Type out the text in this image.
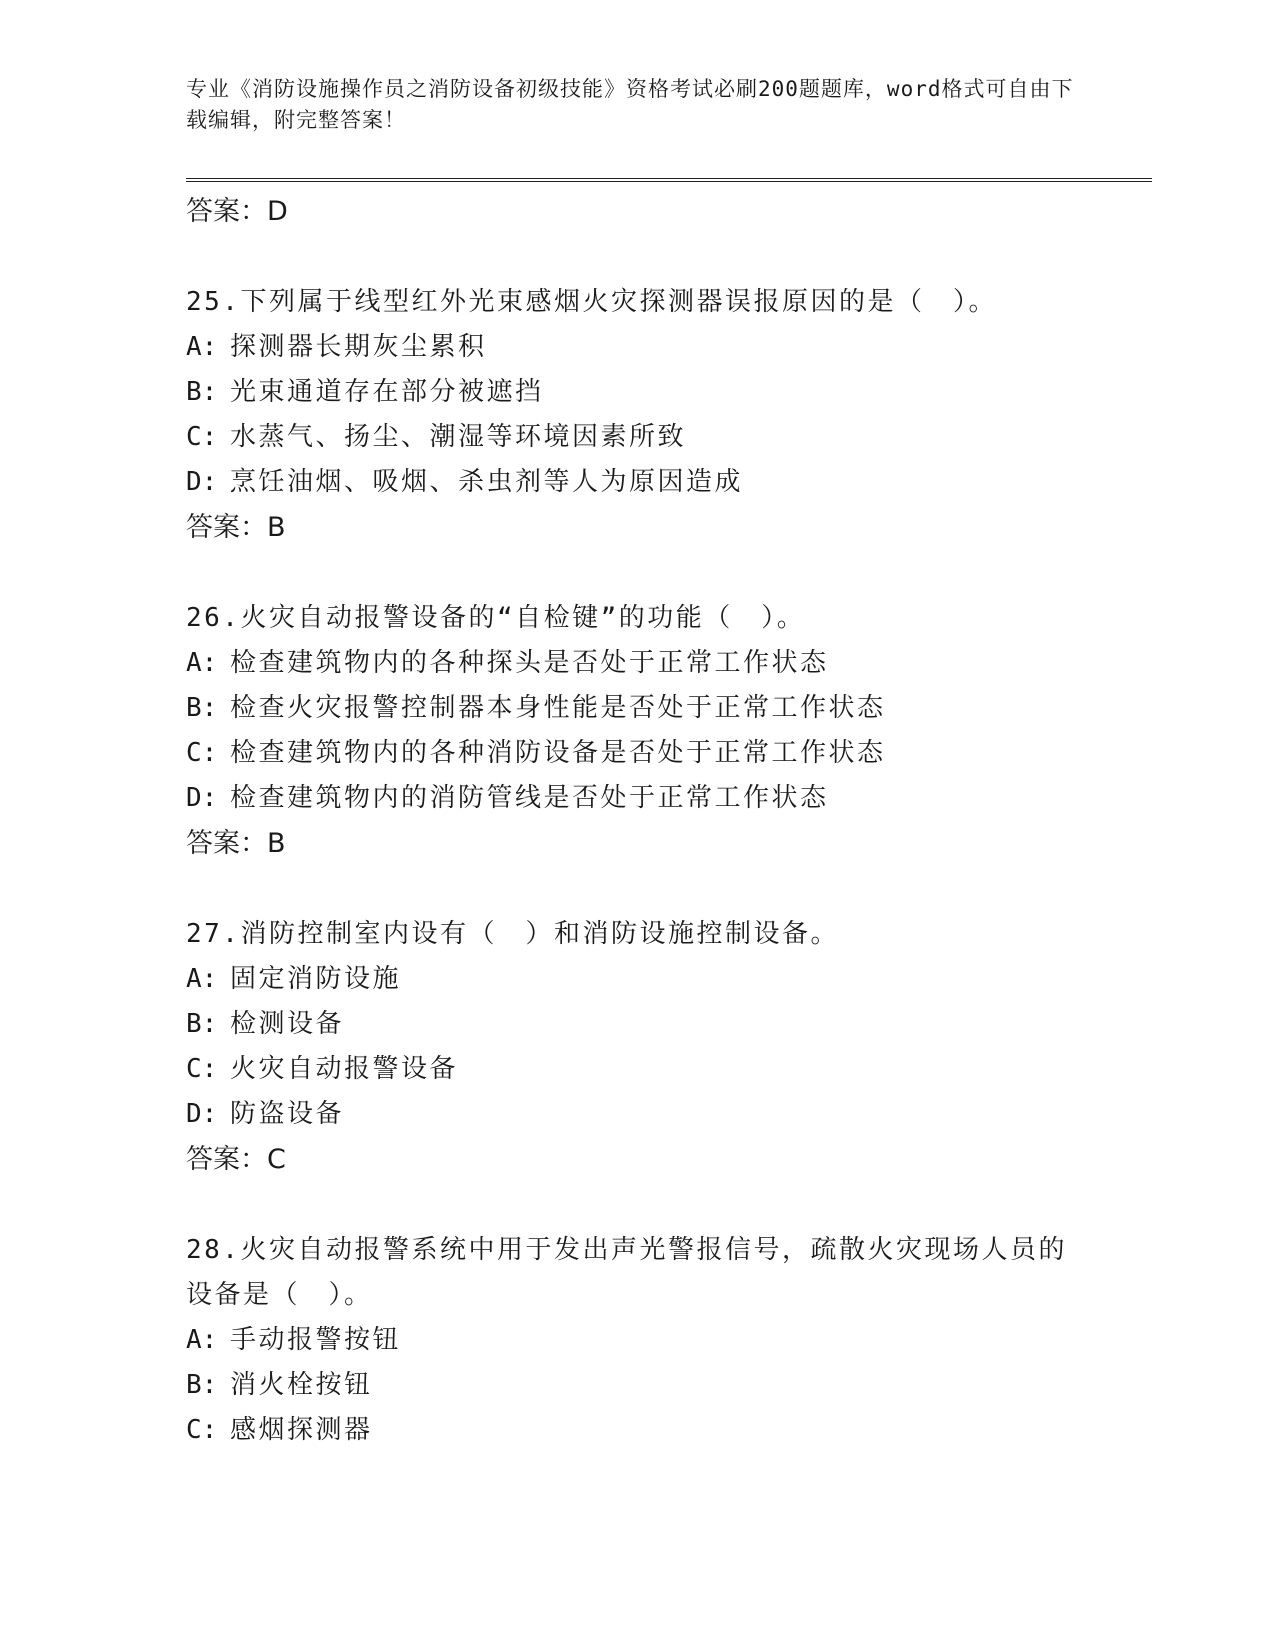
专业《消防设施操作员之消防设备初级技能》资格考试必刷200题题库，word格式可自由下载编辑，附完整答案！
答案：D
25.下列属于线型红外光束感烟火灾探测器误报原因的是（　）。
A: 探测器长期灰尘累积
B: 光束通道存在部分被遮挡
C: 水蒸气、扬尘、潮湿等环境因素所致
D: 烹饪油烟、吸烟、杀虫剂等人为原因造成
答案：B
26.火灾自动报警设备的“自检键”的功能（　）。
A: 检查建筑物内的各种探头是否处于正常工作状态
B: 检查火灾报警控制器本身性能是否处于正常工作状态
C: 检查建筑物内的各种消防设备是否处于正常工作状态
D: 检查建筑物内的消防管线是否处于正常工作状态
答案：B
27.消防控制室内设有（　）和消防设施控制设备。
A: 固定消防设施
B: 检测设备
C: 火灾自动报警设备
D: 防盗设备
答案：C
28.火灾自动报警系统中用于发出声光警报信号，疏散火灾现场人员的设备是（　）。
A: 手动报警按钮
B: 消火栓按钮
C: 感烟探测器
